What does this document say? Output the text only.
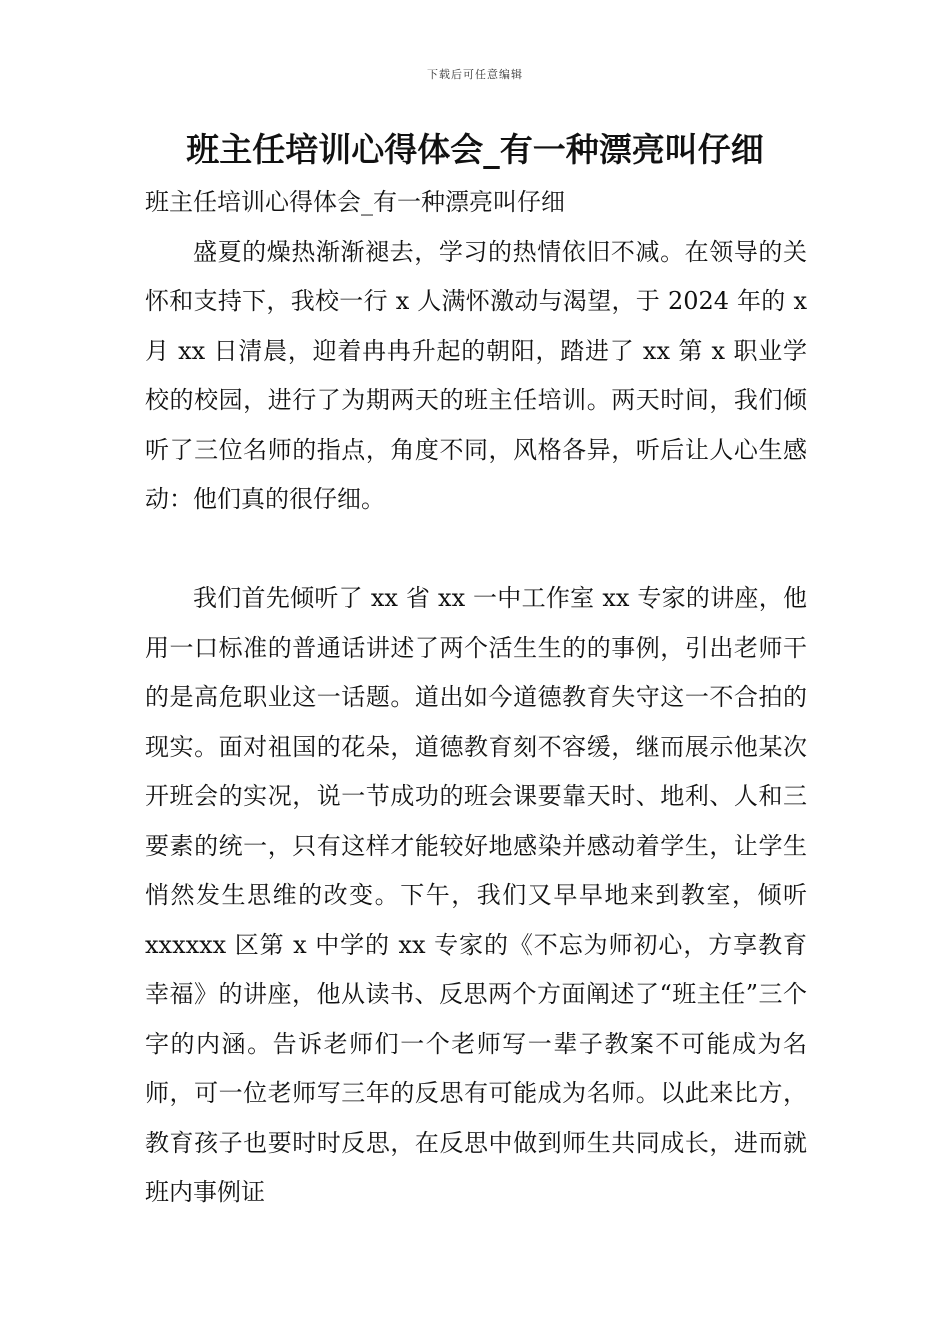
下载后可任意编辑
班主任培训心得体会_有一种漂亮叫仔细

班主任培训心得体会_有一种漂亮叫仔细

盛夏的燥热渐渐褪去，学习的热情依旧不减。在领导的关怀和支持下，我校一行 x 人满怀激动与渴望，于 2024 年的 x 月 xx 日清晨，迎着冉冉升起的朝阳，踏进了 xx 第 x 职业学校的校园，进行了为期两天的班主任培训。两天时间，我们倾听了三位名师的指点，角度不同，风格各异，听后让人心生感动：他们真的很仔细。

我们首先倾听了 xx 省 xx 一中工作室 xx 专家的讲座，他用一口标准的普通话讲述了两个活生生的的事例，引出老师干的是高危职业这一话题。道出如今道德教育失守这一不合拍的现实。面对祖国的花朵，道德教育刻不容缓，继而展示他某次开班会的实况，说一节成功的班会课要靠天时、地利、人和三要素的统一，只有这样才能较好地感染并感动着学生，让学生悄然发生思维的改变。下午，我们又早早地来到教室，倾听 xxxxxx 区第 x 中学的 xx 专家的《不忘为师初心，方享教育幸福》的讲座，他从读书、反思两个方面阐述了“班主任”三个字的内涵。告诉老师们一个老师写一辈子教案不可能成为名师，可一位老师写三年的反思有可能成为名师。以此来比方，教育孩子也要时时反思，在反思中做到师生共同成长，进而就班内事例证
